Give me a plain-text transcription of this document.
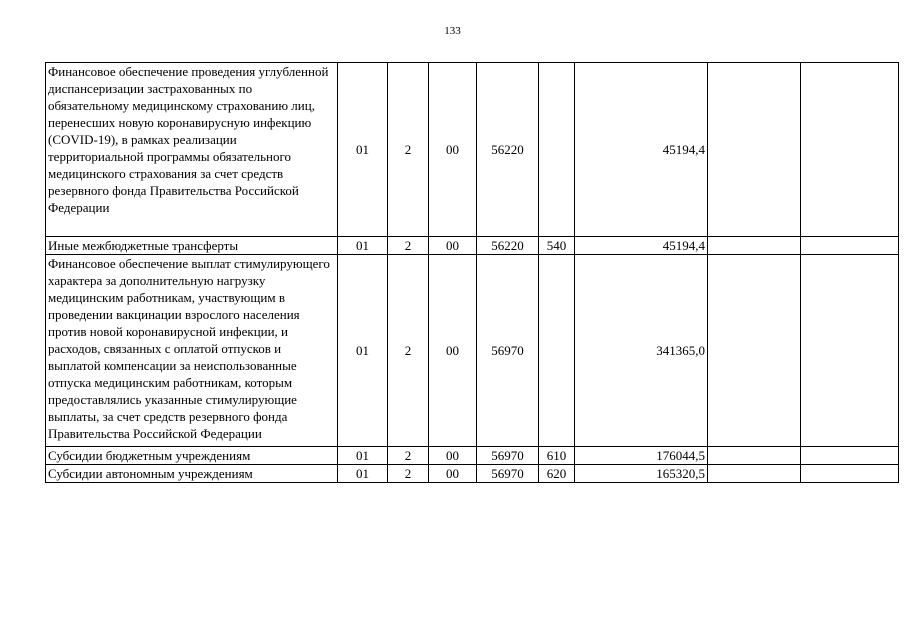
133
Финансовое обеспечение проведения углубленной диспансеризации застрахованных по обязательному медицинскому страхованию лиц, перенесших новую коронавирусную инфекцию (COVID-19), в рамках реализации территориальной программы обязательного медицинского страхования за счет средств резервного фонда Правительства Российской Федерации	01	2	00	56220		45194,4		
Иные межбюджетные трансферты	01	2	00	56220	540	45194,4		
Финансовое обеспечение выплат стимулирующего характера за дополнительную нагрузку медицинским работникам, участвующим в проведении вакцинации взрослого населения против новой коронавирусной инфекции, и расходов, связанных с оплатой отпусков и выплатой компенсации за неиспользованные отпуска медицинским работникам, которым предоставлялись указанные стимулирующие выплаты, за счет средств резервного фонда Правительства Российской Федерации	01	2	00	56970		341365,0		
Субсидии бюджетным учреждениям	01	2	00	56970	610	176044,5		
Субсидии автономным учреждениям	01	2	00	56970	620	165320,5		
